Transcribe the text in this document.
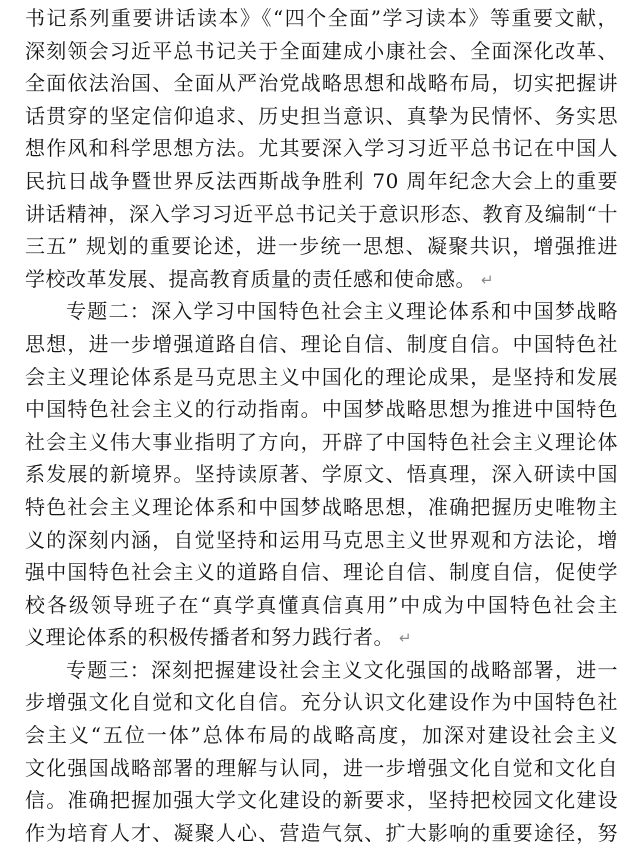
书记系列重要讲话读本》《“四个全面”学习读本》等重要文献，
深刻领会习近平总书记关于全面建成小康社会、全面深化改革、
全面依法治国、全面从严治党战略思想和战略布局，切实把握讲
话贯穿的坚定信仰追求、历史担当意识、真挚为民情怀、务实思
想作风和科学思想方法。尤其要深入学习习近平总书记在中国人
民抗日战争暨世界反法西斯战争胜利 70 周年纪念大会上的重要
讲话精神，深入学习习近平总书记关于意识形态、教育及编制“十
三五” 规划的重要论述，进一步统一思想、凝聚共识，增强推进
学校改革发展、提高教育质量的责任感和使命感。 ↵
专题二：深入学习中国特色社会主义理论体系和中国梦战略
思想，进一步增强道路自信、理论自信、制度自信。中国特色社
会主义理论体系是马克思主义中国化的理论成果，是坚持和发展
中国特色社会主义的行动指南。中国梦战略思想为推进中国特色
社会主义伟大事业指明了方向，开辟了中国特色社会主义理论体
系发展的新境界。坚持读原著、学原文、悟真理，深入研读中国
特色社会主义理论体系和中国梦战略思想，准确把握历史唯物主
义的深刻内涵，自觉坚持和运用马克思主义世界观和方法论，增
强中国特色社会主义的道路自信、理论自信、制度自信，促使学
校各级领导班子在“真学真懂真信真用”中成为中国特色社会主
义理论体系的积极传播者和努力践行者。 ↵
专题三：深刻把握建设社会主义文化强国的战略部署，进一
步增强文化自觉和文化自信。充分认识文化建设作为中国特色社
会主义“五位一体”总体布局的战略高度，加深对建设社会主义
文化强国战略部署的理解与认同，进一步增强文化自觉和文化自
信。准确把握加强大学文化建设的新要求，坚持把校园文化建设
作为培育人才、凝聚人心、营造气氛、扩大影响的重要途径，努
